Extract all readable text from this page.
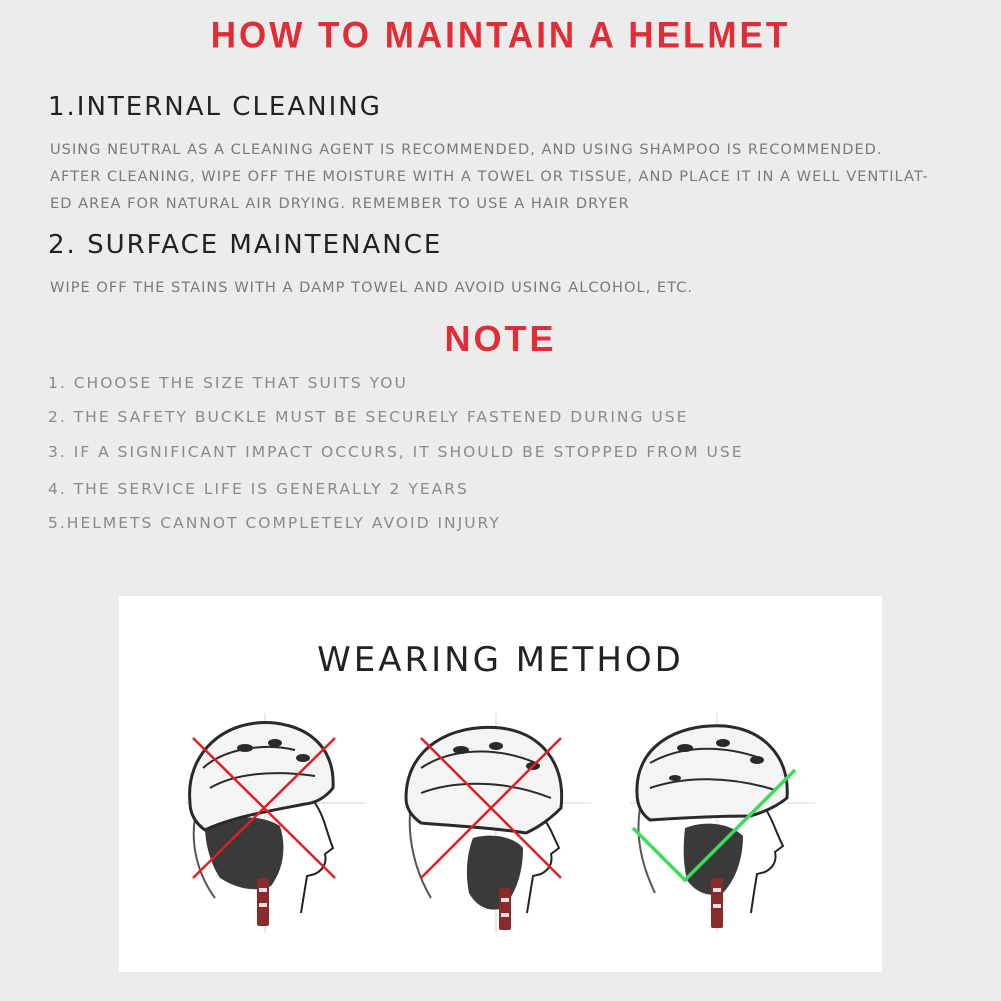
HOW TO MAINTAIN A HELMET
1.INTERNAL CLEANING
USING NEUTRAL AS A CLEANING AGENT IS RECOMMENDED, AND USING SHAMPOO IS RECOMMENDED.
AFTER CLEANING, WIPE OFF THE MOISTURE WITH A TOWEL OR TISSUE, AND PLACE IT IN A WELL VENTILAT-
ED AREA FOR NATURAL AIR DRYING. REMEMBER TO USE A HAIR DRYER
2. SURFACE MAINTENANCE
WIPE OFF THE STAINS WITH A DAMP TOWEL AND AVOID USING ALCOHOL, ETC.
NOTE
1. CHOOSE THE SIZE THAT SUITS YOU
2. THE SAFETY BUCKLE MUST BE SECURELY FASTENED DURING USE
3. IF A SIGNIFICANT IMPACT OCCURS, IT SHOULD BE STOPPED FROM USE
4. THE SERVICE LIFE IS GENERALLY 2 YEARS
5.HELMETS CANNOT COMPLETELY AVOID INJURY
WEARING METHOD
